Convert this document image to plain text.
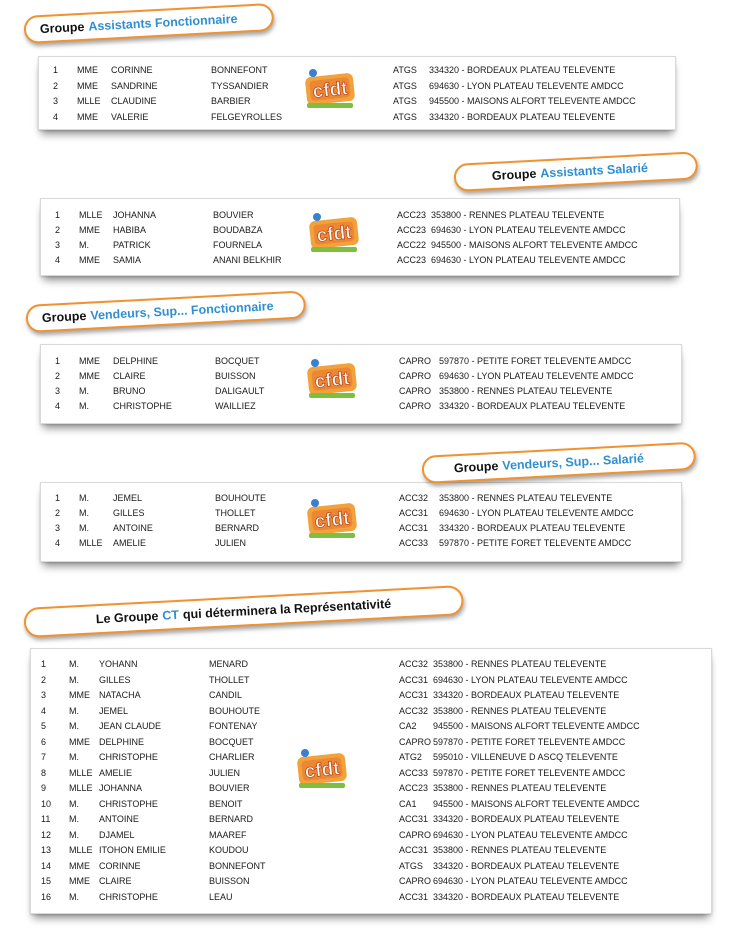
1 MME CORINNE	BONNEFONT	ATGS 334320 - BORDEAUX PLATEAU TELEVENTE
2 MME SANDRINE	TYSSANDIER	ATGS 694630 - LYON PLATEAU TELEVENTE AMDCC
3 MLLE CLAUDINE	BARBIER	ATGS 945500 - MAISONS ALFORT TELEVENTE AMDCC
4 MME VALERIE	FELGEYROLLES	ATGS 334320 - BORDEAUX PLATEAU TELEVENTE
cfdt
Groupe Assistants Fonctionnaire
1 MLLE JOHANNA	BOUVIER	ACC23 353800 - RENNES PLATEAU TELEVENTE
2 MME HABIBA	BOUDABZA	ACC23 694630 - LYON PLATEAU TELEVENTE AMDCC
3 M.	PATRICK	FOURNELA	ACC22 945500 - MAISONS ALFORT TELEVENTE AMDCC
4 MME SAMIA	ANANI BELKHIR	ACC23 694630 - LYON PLATEAU TELEVENTE AMDCC
cfdt
Groupe Assistants Salarié
1 MME DELPHINE	BOCQUET	CAPRO 597870 - PETITE FORET TELEVENTE AMDCC
2 MME CLAIRE	BUISSON	CAPRO 694630 - LYON PLATEAU TELEVENTE AMDCC
3 M.	BRUNO	DALIGAULT	CAPRO 353800 - RENNES PLATEAU TELEVENTE
4 M.	CHRISTOPHE	WAILLIEZ	CAPRO 334320 - BORDEAUX PLATEAU TELEVENTE
cfdt
Groupe Vendeurs, Sup... Fonctionnaire
1 M.	JEMEL	BOUHOUTE	ACC32 353800 - RENNES PLATEAU TELEVENTE
2 M.	GILLES	THOLLET	ACC31 694630 - LYON PLATEAU TELEVENTE AMDCC
3 M.	ANTOINE	BERNARD	ACC31 334320 - BORDEAUX PLATEAU TELEVENTE
4 MLLE AMELIE	JULIEN	ACC33 597870 - PETITE FORET TELEVENTE AMDCC
cfdt
Groupe Vendeurs, Sup... Salarié
1	M. YOHANN	MENARD	ACC32 353800 - RENNES PLATEAU TELEVENTE
2	M. GILLES	THOLLET	ACC31 694630 - LYON PLATEAU TELEVENTE AMDCC
3	MME NATACHA	CANDIL	ACC31 334320 - BORDEAUX PLATEAU TELEVENTE
4	M. JEMEL	BOUHOUTE	ACC32 353800 - RENNES PLATEAU TELEVENTE
5	M. JEAN CLAUDE	FONTENAY	CA2 945500 - MAISONS ALFORT TELEVENTE AMDCC
6	MME DELPHINE	BOCQUET	CAPRO 597870 - PETITE FORET TELEVENTE AMDCC
7	M. CHRISTOPHE	CHARLIER	ATG2 595010 - VILLENEUVE D ASCQ TELEVENTE
8	MLLE AMELIE	JULIEN	ACC33 597870 - PETITE FORET TELEVENTE AMDCC
9	MLLE JOHANNA	BOUVIER	ACC23 353800 - RENNES PLATEAU TELEVENTE
10 M. CHRISTOPHE	BENOIT	CA1 945500 - MAISONS ALFORT TELEVENTE AMDCC
11 M. ANTOINE	BERNARD	ACC31 334320 - BORDEAUX PLATEAU TELEVENTE
12 M. DJAMEL	MAAREF	CAPRO 694630 - LYON PLATEAU TELEVENTE AMDCC
13 MLLE ITOHON EMILIE	KOUDOU	ACC31 353800 - RENNES PLATEAU TELEVENTE
14 MME CORINNE	BONNEFONT	ATGS 334320 - BORDEAUX PLATEAU TELEVENTE
15 MME CLAIRE	BUISSON	CAPRO 694630 - LYON PLATEAU TELEVENTE AMDCC
16 M. CHRISTOPHE	LEAU	ACC31 334320 - BORDEAUX PLATEAU TELEVENTE
cfdt
Le Groupe CT qui déterminera la Représentativité
